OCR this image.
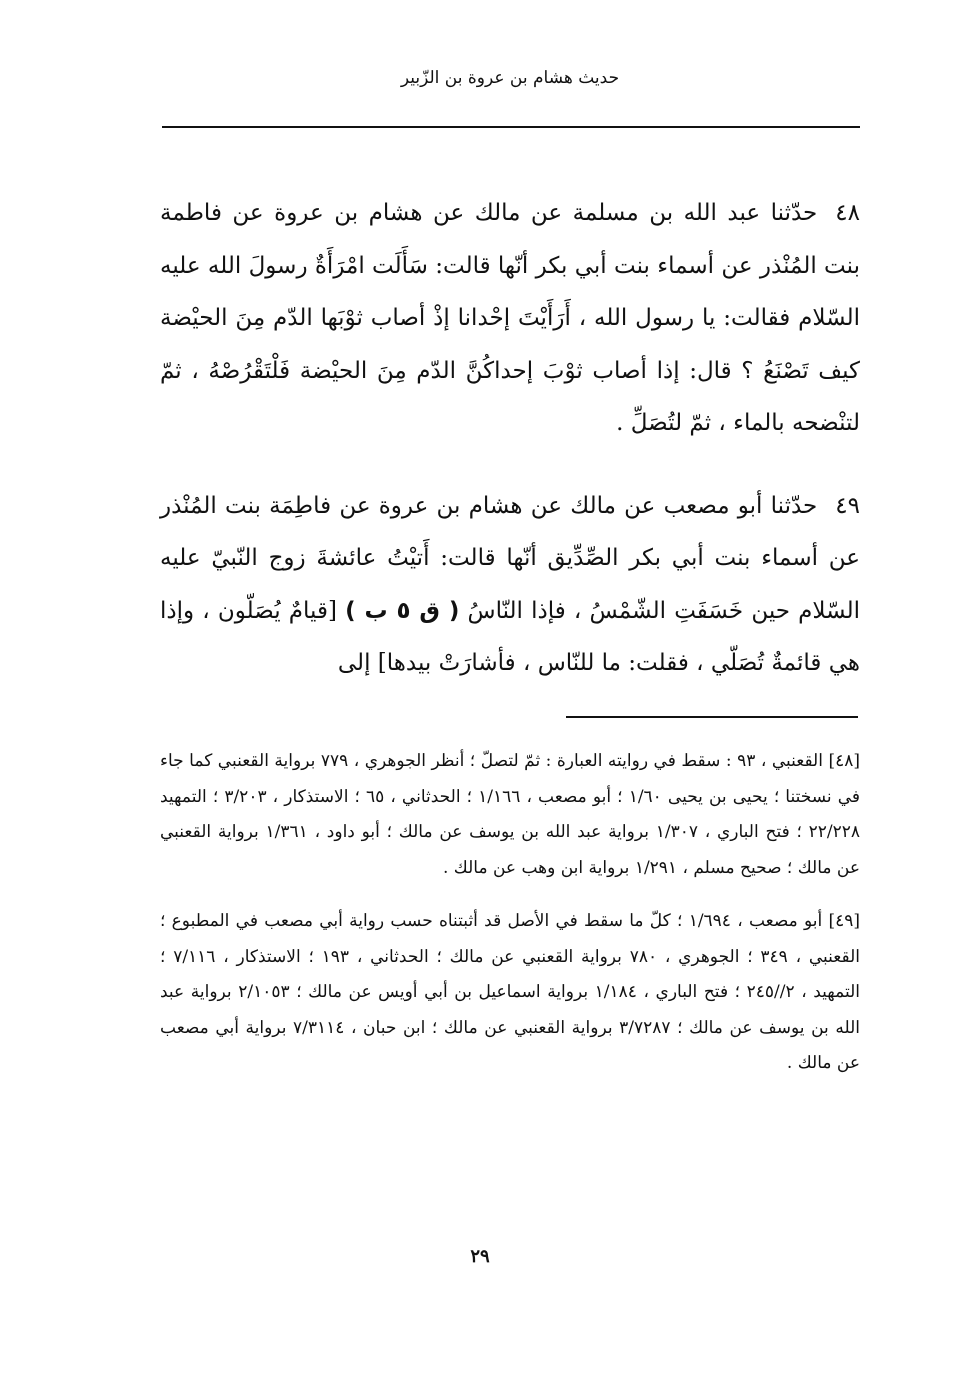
حديث هشام بن عروة بن الزّبير

٤٨حدّثنا عبد الله بن مسلمة عن مالك عن هشام بن عروة عن فاطمة بنت المُنْذر عن أسماء بنت أبي بكر أنّها قالت: سَأَلَت امْرَأَةٌ رسولَ الله عليه السّلام فقالت: يا رسول الله ، أَرَأَيْتَ إحْدانا إذْ أصاب ثوْبَها الدّم مِنَ الحيْضة كيف تَصْنَعُ ؟ قال: إذا أصاب ثوْبَ إحداكُنَّ الدّم مِنَ الحيْضة فَلْتَقْرُصْهُ ، ثمّ لتنْضحه بالماء ، ثمّ لتُصَلِّ .

٤٩حدّثنا أبو مصعب عن مالك عن هشام بن عروة عن فاطِمَة بنت المُنْذر عن أسماء بنت أبي بكر الصِّدِّيق أنّها قالت: أَتيْتُ عائشةَ زوج النّبيّ عليه السّلام حين خَسَفَتِ الشّمْسُ ، فإذا النّاسُ ( ق ٥ ب ) [قيامٌ يُصَلّون ، وإذا هي قائمةٌ تُصَلّي ، فقلت: ما للنّاس ، فأشارَتْ بيدها] إلى

[٤٨] القعنبي ، ٩٣ : سقط في روايته العبارة : ثمّ لتصلّ ؛ أنظر الجوهري ، ٧٧٩ برواية القعنبي كما جاء في نسختنا ؛ يحيى بن يحيى ١/٦٠ ؛ أبو مصعب ، ١/١٦٦ ؛ الحدثاني ، ٦٥ ؛ الاستذكار ، ٣/٢٠٣ ؛ التمهيد ٢٢/٢٢٨ ؛ فتح الباري ، ١/٣٠٧ برواية عبد الله بن يوسف عن مالك ؛ أبو داود ، ١/٣٦١ برواية القعنبي عن مالك ؛ صحيح مسلم ، ١/٢٩١ برواية ابن وهب عن مالك .

[٤٩] أبو مصعب ، ١/٦٩٤ ؛ كلّ ما سقط في الأصل قد أثبتناه حسب رواية أبي مصعب في المطبوع ؛ القعنبي ، ٣٤٩ ؛ الجوهري ، ٧٨٠ برواية القعنبي عن مالك ؛ الحدثاني ، ١٩٣ ؛ الاستذكار ، ٧/١١٦ ؛ التمهيد ، ٢//٢٤٥ ؛ فتح الباري ، ١/١٨٤ برواية اسماعيل بن أبي أويس عن مالك ؛ ٢/١٠٥٣ برواية عبد الله بن يوسف عن مالك ؛ ٣/٧٢٨٧ برواية القعنبي عن مالك ؛ ابن حبان ، ٧/٣١١٤ برواية أبي مصعب عن مالك .

٢٩
